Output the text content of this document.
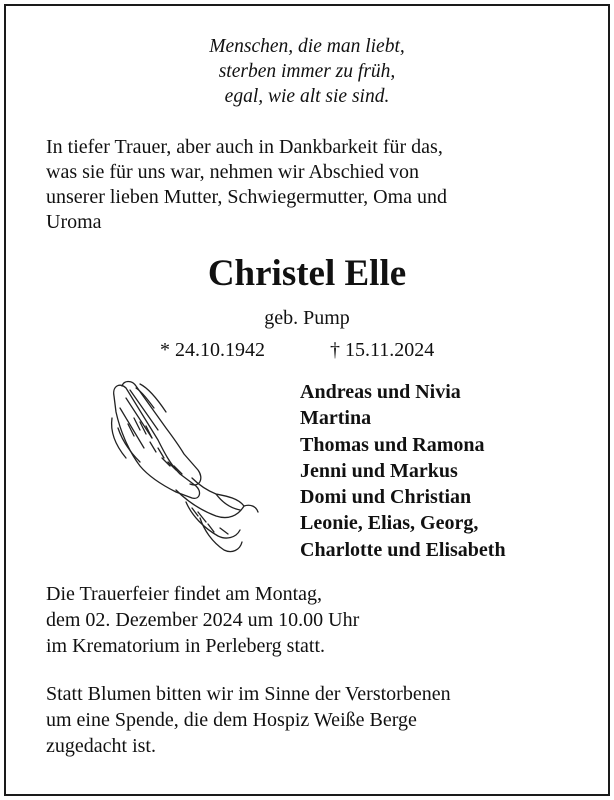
Menschen, die man liebt,
sterben immer zu früh,
egal, wie alt sie sind.
In tiefer Trauer, aber auch in Dankbarkeit für das,
was sie für uns war, nehmen wir Abschied von
unserer lieben Mutter, Schwiegermutter, Oma und
Uroma
Christel Elle
geb. Pump
* 24.10.1942	† 15.11.2024
Andreas und Nivia
Martina
Thomas und Ramona
Jenni und Markus
Domi und Christian
Leonie, Elias, Georg,
Charlotte und Elisabeth
Die Trauerfeier findet am Montag,
dem 02. Dezember 2024 um 10.00 Uhr
im Krematorium in Perleberg statt.
Statt Blumen bitten wir im Sinne der Verstorbenen
um eine Spende, die dem Hospiz Weiße Berge
zugedacht ist.
